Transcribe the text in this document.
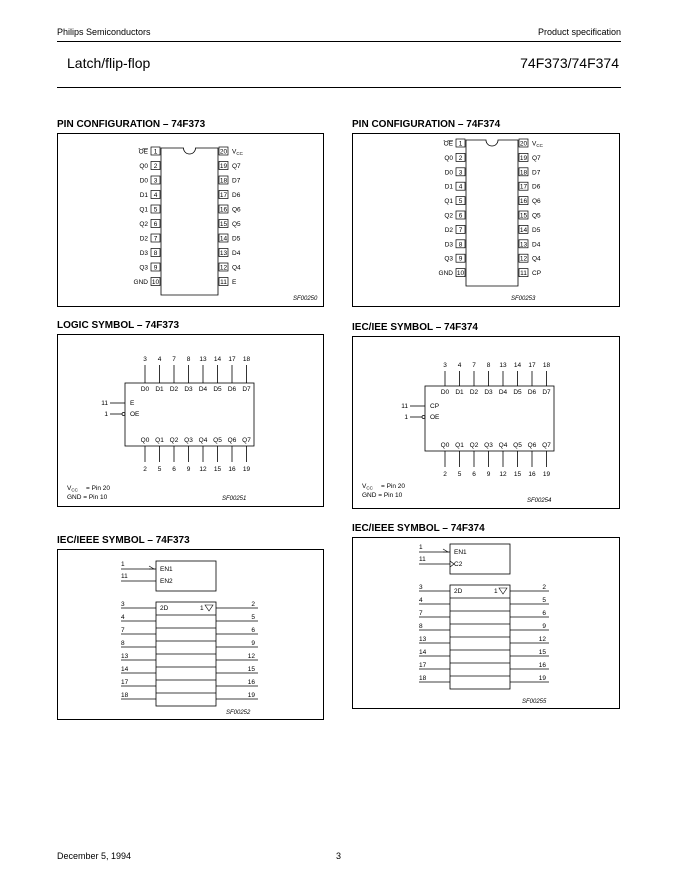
Philips Semiconductors	Product specification
Latch/flip-flop	74F373/74F374
PIN CONFIGURATION – 74F373	PIN CONFIGURATION – 74F374
LOGIC SYMBOL – 74F373	IEC/IEE SYMBOL – 74F374
IEC/IEEE SYMBOL – 74F373
IEC/IEEE SYMBOL – 74F374
1
OE
2
Q0
3
D0
4
D1
5
Q1
6
Q2
7
D2
8
D3
9
Q3
10
GND
20 $V_{CC}$
19 Q7
18 D7
17 D6
16 Q6
15 Q5
14 D5
13 D4
12 Q4
11 E
1
OE
2
Q0
3
D0
4
D1
5
Q1
6
Q2
7
D2
8
D3
9
Q3
10
GND
20 $V_{CC}$
19 Q7
18 D7
17 D6
16 Q6
15 Q5
14 D5
13 D4
12 Q4
11 CP
3
D0
Q0
2
4
D1
Q1
5
7
D2
Q2
6
8
D3
Q3
9
13
D4
Q4
12
14
D5
Q5
15
17
D6
Q6
16
18
D7
Q7
19
11	E
1	OE
$V_{CC}$ = Pin 20
GND = Pin 10
3
D0
Q0
2
4
D1
Q1
5
7
D2
Q2
6
8
D3
Q3
9
13
D4
Q4
12
14
D5
Q5
15
17
D6
Q6
16
18
D7
Q7
19
11	CP
1	OE
$V_{CC}$ = Pin 20
GND = Pin 10
1
EN1
11
EN2
2D	1
3
4
7
8
13
14
17
18
2
5
6
9
12
15
16
19
1
EN1
11
C2
2D	1
3
4
7
8
13
14
17
18
2
5
6
9
12
15
16
19
SF00250	SF00253
SF00251	SF00254
SF00252
SF00255
December 5, 1994	3
